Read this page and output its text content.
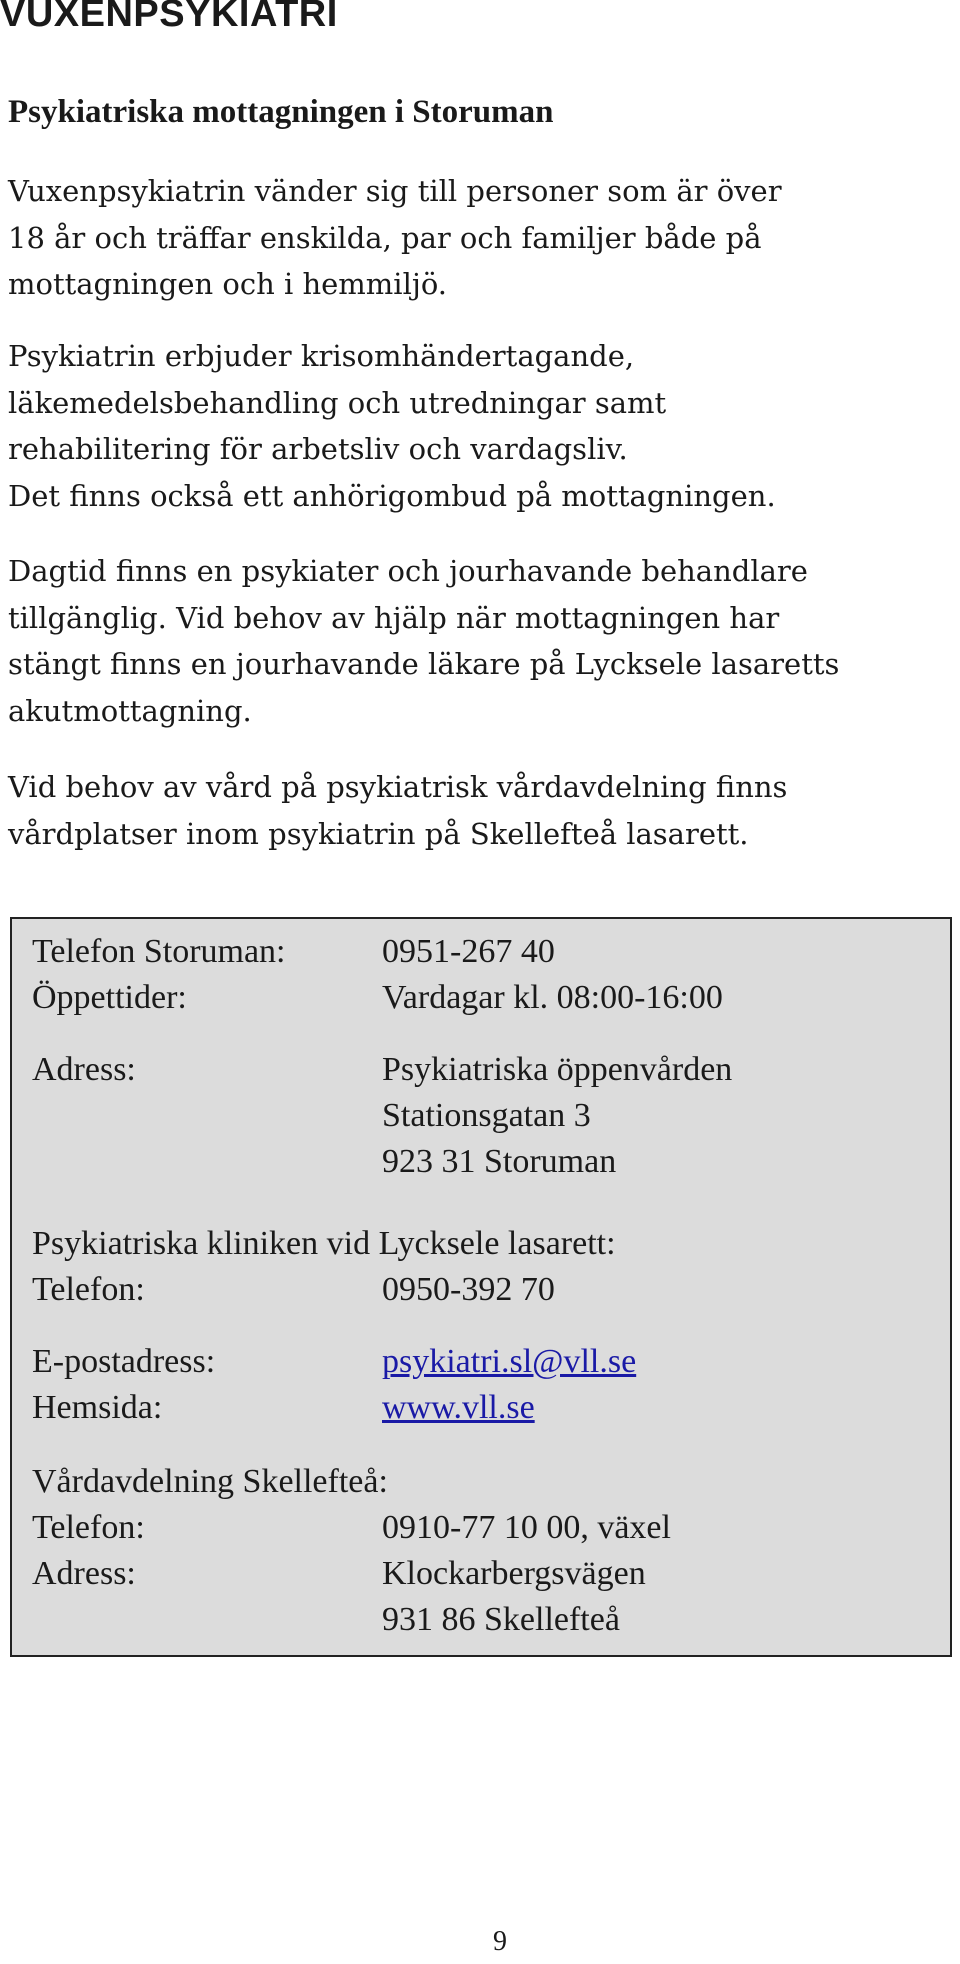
VUXENPSYKIATRI
Psykiatriska mottagningen i Storuman

Vuxenpsykiatrin vänder sig till personer som är över
18 år och träffar enskilda, par och familjer både på
mottagningen och i hemmiljö.

Psykiatrin erbjuder krisomhändertagande,
läkemedelsbehandling och utredningar samt
rehabilitering för arbetsliv och vardagsliv.
Det finns också ett anhörigombud på mottagningen.

Dagtid finns en psykiater och jourhavande behandlare
tillgänglig. Vid behov av hjälp när mottagningen har
stängt finns en jourhavande läkare på Lycksele lasaretts
akutmottagning.

Vid behov av vård på psykiatrisk vårdavdelning finns
vårdplatser inom psykiatrin på Skellefteå lasarett.

Telefon Storuman:	0951-267 40
Öppettider:	Vardagar kl. 08:00-16:00
Adress:	Psykiatriska öppenvården
Stationsgatan 3
923 31 Storuman
Psykiatriska kliniken vid Lycksele lasarett:
Telefon:	0950-392 70
E-postadress:	psykiatri.sl@vll.se
Hemsida:	www.vll.se
Vårdavdelning Skellefteå:
Telefon:	0910-77 10 00, växel
Adress:	Klockarbergsvägen
931 86 Skellefteå
9
